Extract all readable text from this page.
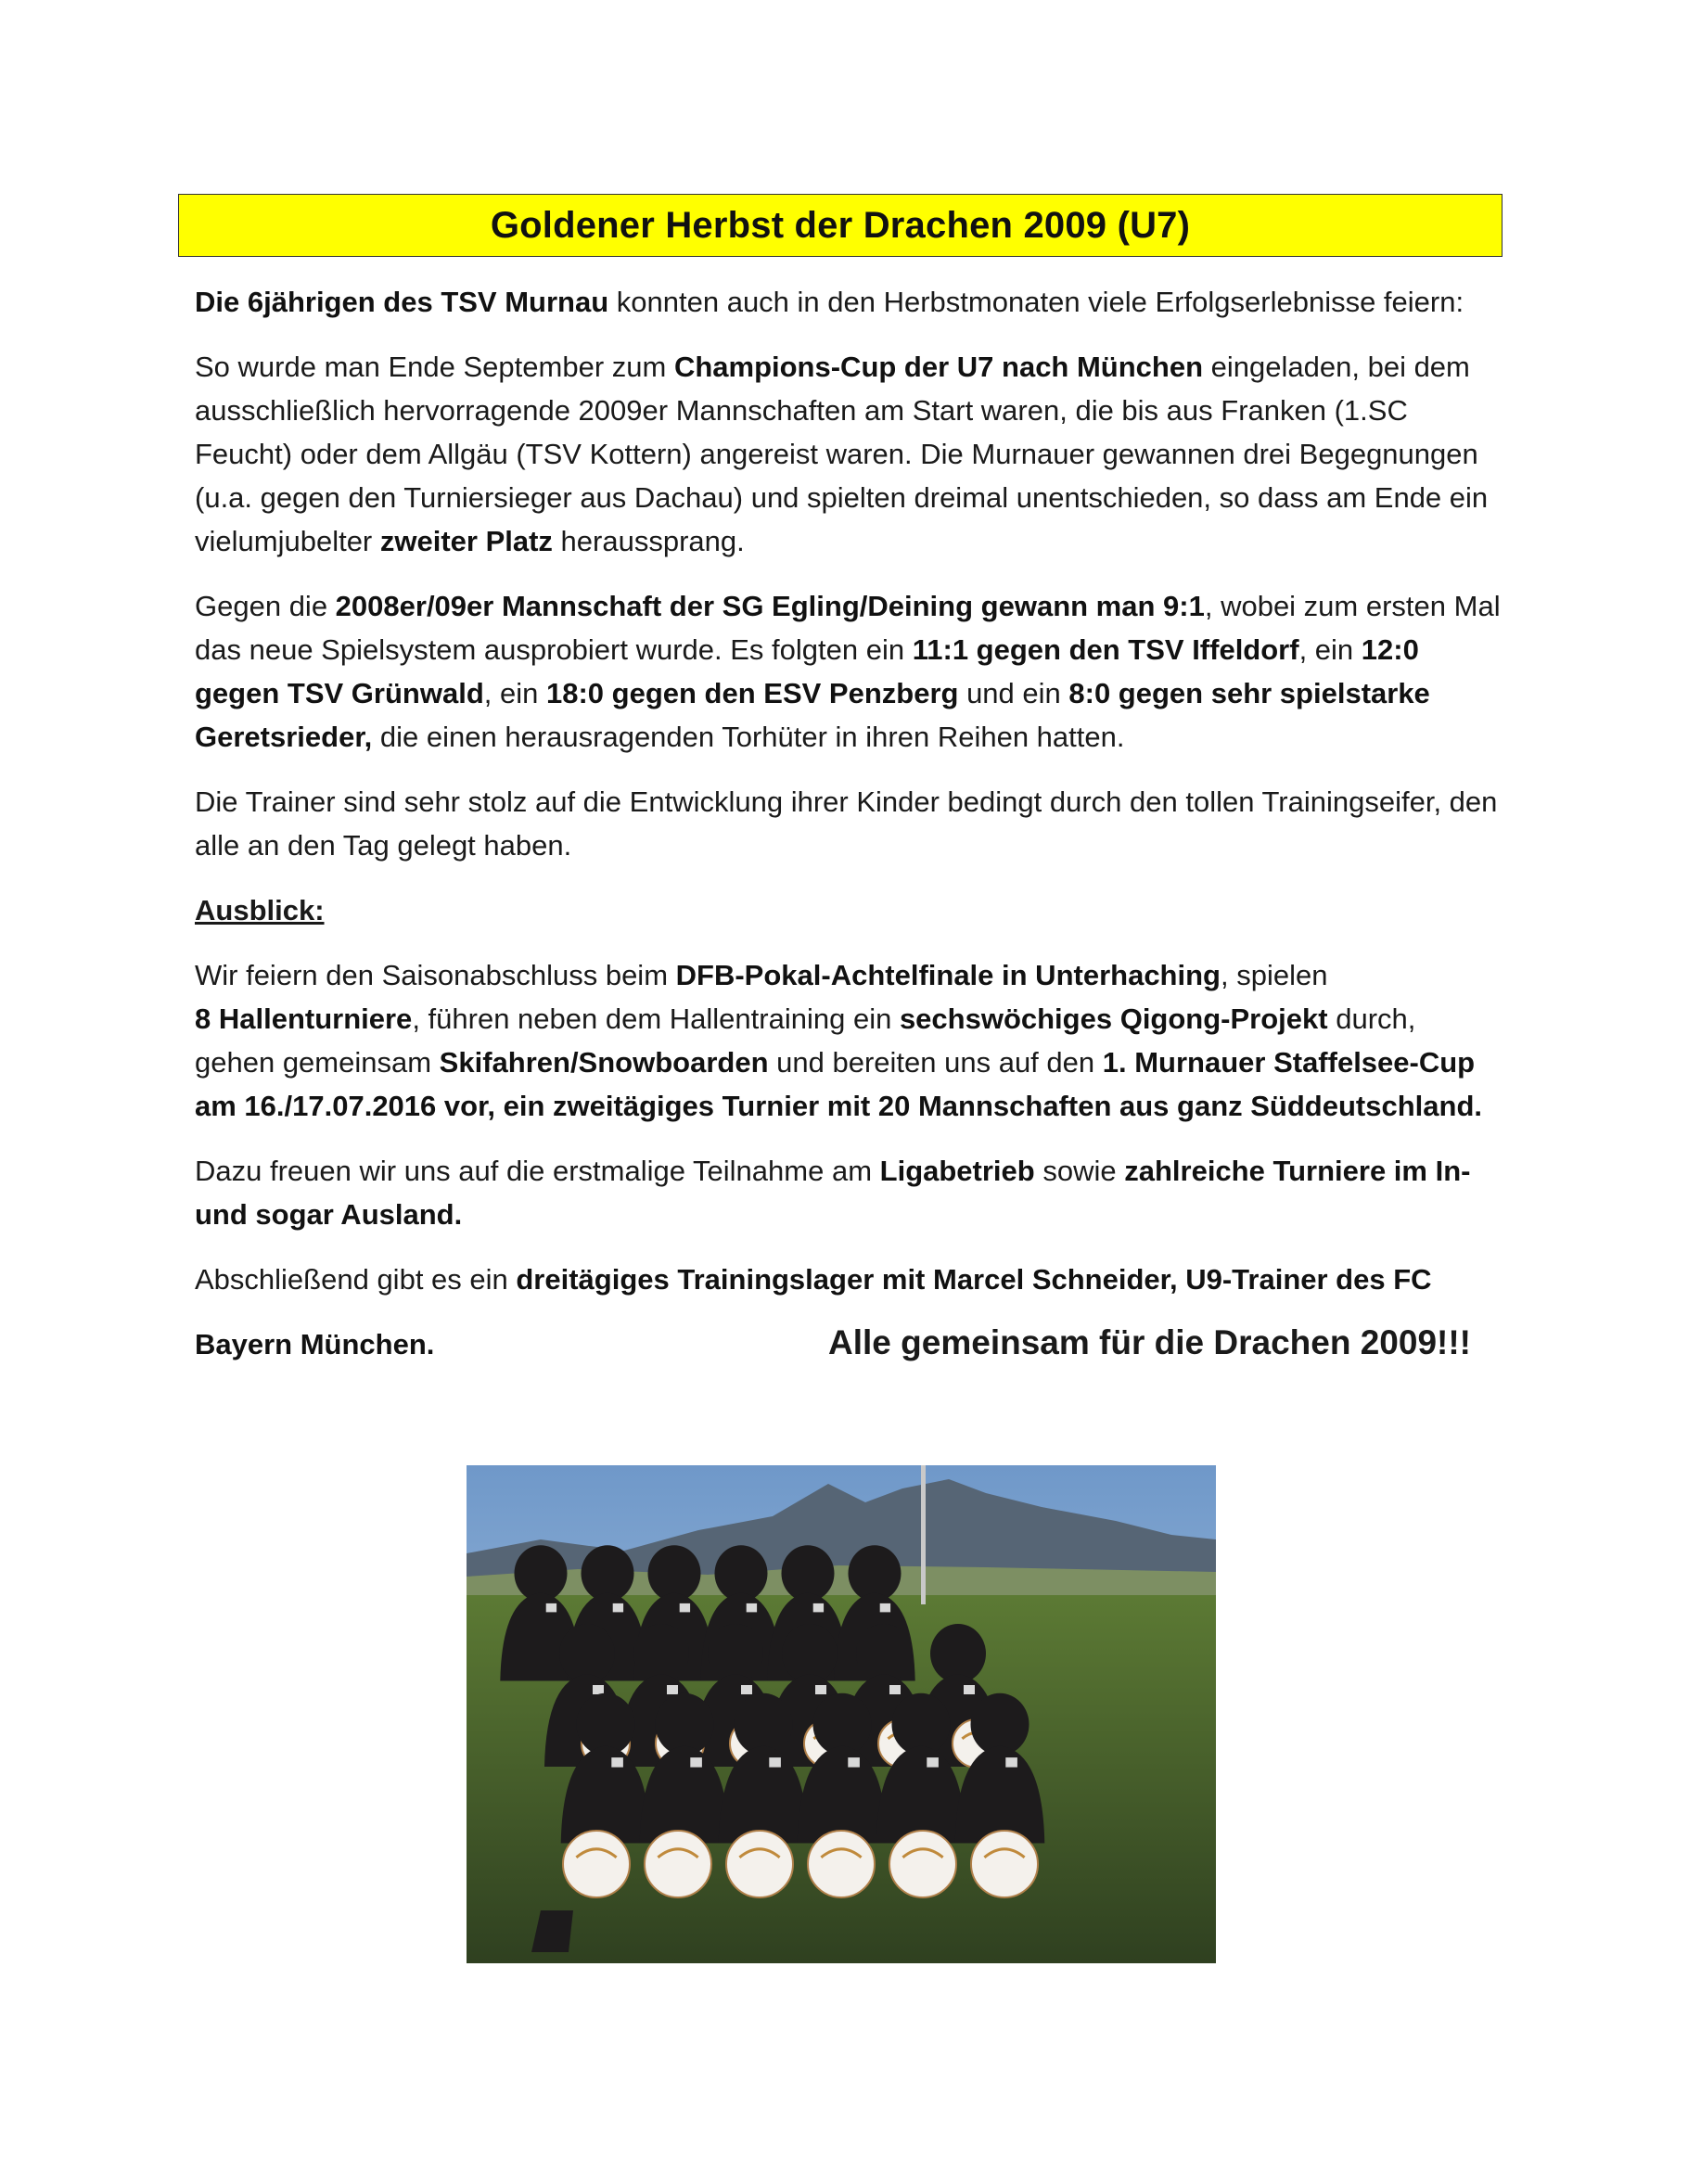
Goldener Herbst der Drachen 2009 (U7)

Die 6jährigen des TSV Murnau konnten auch in den Herbstmonaten viele Erfolgserlebnisse feiern:

So wurde man Ende September zum Champions-Cup der U7 nach München eingeladen, bei dem ausschließlich hervorragende 2009er Mannschaften am Start waren, die bis aus Franken (1.SC Feucht) oder dem Allgäu (TSV Kottern) angereist waren. Die Murnauer gewannen drei Begegnungen (u.a. gegen den Turniersieger aus Dachau) und spielten dreimal unentschieden, so dass am Ende ein vielumjubelter zweiter Platz heraussprang.

Gegen die 2008er/09er Mannschaft der SG Egling/Deining gewann man 9:1, wobei zum ersten Mal das neue Spielsystem ausprobiert wurde. Es folgten ein 11:1 gegen den TSV Iffeldorf, ein 12:0 gegen TSV Grünwald, ein 18:0 gegen den ESV Penzberg und ein 8:0 gegen sehr spielstarke Geretsrieder, die einen herausragenden Torhüter in ihren Reihen hatten.

Die Trainer sind sehr stolz auf die Entwicklung ihrer Kinder bedingt durch den tollen Trainingseifer, den alle an den Tag gelegt haben.

Ausblick:

Wir feiern den Saisonabschluss beim DFB-Pokal-Achtelfinale in Unterhaching, spielen
8 Hallenturniere, führen neben dem Hallentraining ein sechswöchiges Qigong-Projekt durch, gehen gemeinsam Skifahren/Snowboarden und bereiten uns auf den 1. Murnauer Staffelsee-Cup am 16./17.07.2016 vor, ein zweitägiges Turnier mit 20 Mannschaften aus ganz Süddeutschland.

Dazu freuen wir uns auf die erstmalige Teilnahme am Ligabetrieb sowie zahlreiche Turniere im In- und sogar Ausland.

Abschließend gibt es ein dreitägiges Trainingslager mit Marcel Schneider, U9-Trainer des FC

Bayern München.	Alle gemeinsam für die Drachen 2009!!!
